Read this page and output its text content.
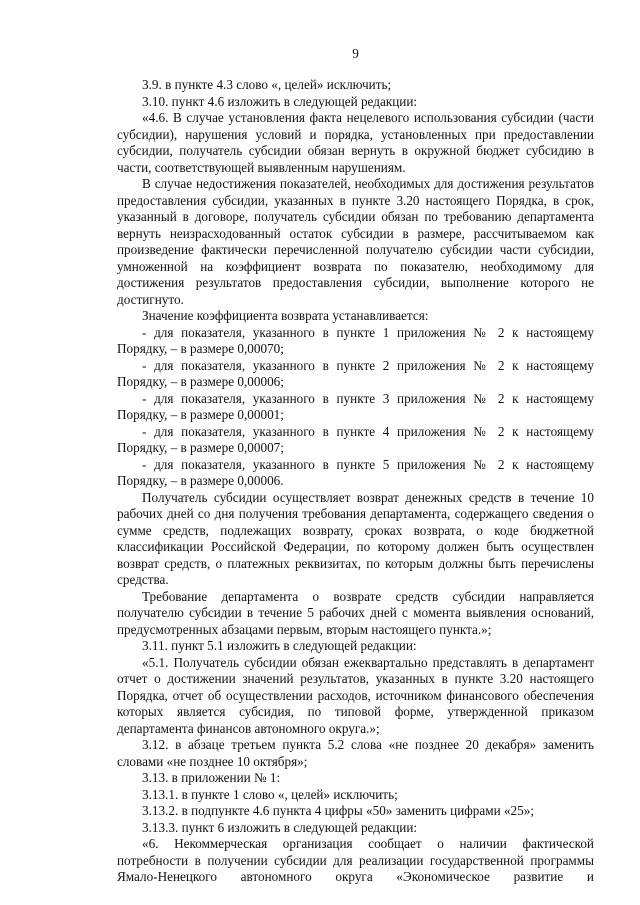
9

3.9. в пункте 4.3 слово «, целей» исключить;

3.10. пункт 4.6 изложить в следующей редакции:

«4.6. В случае установления факта нецелевого использования субсидии (части субсидии), нарушения условий и порядка, установленных при предоставлении субсидии, получатель субсидии обязан вернуть в окружной бюджет субсидию в части, соответствующей выявленным нарушениям.

В случае недостижения показателей, необходимых для достижения результатов предоставления субсидии, указанных в пункте 3.20 настоящего Порядка, в срок, указанный в договоре, получатель субсидии обязан по требованию департамента вернуть неизрасходованный остаток субсидии в размере, рассчитываемом как произведение фактически перечисленной получателю субсидии части субсидии, умноженной на коэффициент возврата по показателю, необходимому для достижения результатов предоставления субсидии, выполнение которого не достигнуто.

Значение коэффициента возврата устанавливается:

- для показателя, указанного в пункте 1 приложения № 2 к настоящему Порядку, – в размере 0,00070;

- для показателя, указанного в пункте 2 приложения № 2 к настоящему Порядку, – в размере 0,00006;

- для показателя, указанного в пункте 3 приложения № 2 к настоящему Порядку, – в размере 0,00001;

- для показателя, указанного в пункте 4 приложения № 2 к настоящему Порядку, – в размере 0,00007;

- для показателя, указанного в пункте 5 приложения № 2 к настоящему Порядку, – в размере 0,00006.

Получатель субсидии осуществляет возврат денежных средств в течение 10 рабочих дней со дня получения требования департамента, содержащего сведения о сумме средств, подлежащих возврату, сроках возврата, о коде бюджетной классификации Российской Федерации, по которому должен быть осуществлен возврат средств, о платежных реквизитах, по которым должны быть перечислены средства.

Требование департамента о возврате средств субсидии направляется получателю субсидии в течение 5 рабочих дней с момента выявления оснований, предусмотренных абзацами первым, вторым настоящего пункта.»;

3.11. пункт 5.1 изложить в следующей редакции:

«5.1. Получатель субсидии обязан ежеквартально представлять в департамент отчет о достижении значений результатов, указанных в пункте 3.20 настоящего Порядка, отчет об осуществлении расходов, источником финансового обеспечения которых является субсидия, по типовой форме, утвержденной приказом департамента финансов автономного округа.»;

3.12. в абзаце третьем пункта 5.2 слова «не позднее 20 декабря» заменить словами «не позднее 10 октября»;

3.13. в приложении № 1:

3.13.1. в пункте 1 слово «, целей» исключить;

3.13.2. в подпункте 4.6 пункта 4 цифры «50» заменить цифрами «25»;

3.13.3. пункт 6 изложить в следующей редакции:

«6. Некоммерческая организация сообщает о наличии фактической потребности в получении субсидии для реализации государственной программы Ямало-Ненецкого автономного округа «Экономическое развитие и
